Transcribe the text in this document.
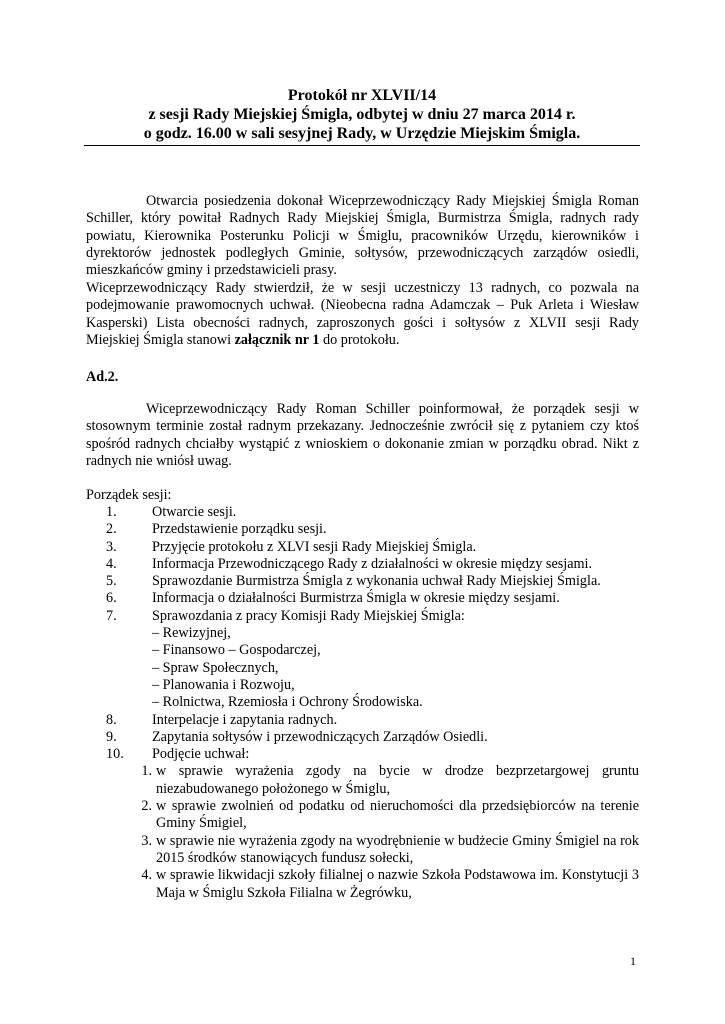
Protokół nr XLVII/14
z sesji Rady Miejskiej Śmigla, odbytej w dniu 27 marca 2014 r.
o godz. 16.00 w sali sesyjnej Rady, w Urzędzie Miejskim Śmigla.

Otwarcia posiedzenia dokonał Wiceprzewodniczący Rady Miejskiej Śmigla Roman Schiller, który powitał Radnych Rady Miejskiej Śmigla, Burmistrza Śmigla, radnych rady powiatu, Kierownika Posterunku Policji w Śmiglu, pracowników Urzędu, kierowników i dyrektorów jednostek podległych Gminie, sołtysów, przewodniczących zarządów osiedli, mieszkańców gminy i przedstawicieli prasy.

Wiceprzewodniczący Rady stwierdził, że w sesji uczestniczy 13 radnych, co pozwala na podejmowanie prawomocnych uchwał. (Nieobecna radna Adamczak – Puk Arleta i Wiesław Kasperski) Lista obecności radnych, zaproszonych gości i sołtysów z XLVII sesji Rady Miejskiej Śmigla stanowi załącznik nr 1 do protokołu.

Ad.2.

Wiceprzewodniczący Rady Roman Schiller poinformował, że porządek sesji w stosownym terminie został radnym przekazany. Jednocześnie zwrócił się z pytaniem czy ktoś spośród radnych chciałby wystąpić z wnioskiem o dokonanie zmian w porządku obrad. Nikt z radnych nie wniósł uwag.

Porządek sesji:

1.	Otwarcie sesji.
2.	Przedstawienie porządku sesji.
3.	Przyjęcie protokołu z XLVI sesji Rady Miejskiej Śmigla.
4.	Informacja Przewodniczącego Rady z działalności w okresie między sesjami.
5.	Sprawozdanie Burmistrza Śmigla z wykonania uchwał Rady Miejskiej Śmigla.
6.	Informacja o działalności Burmistrza Śmigla w okresie między sesjami.
7.	Sprawozdania z pracy Komisji Rady Miejskiej Śmigla:
– Rewizyjnej,
– Finansowo – Gospodarczej,
– Spraw Społecznych,
– Planowania i Rozwoju,
– Rolnictwa, Rzemiosła i Ochrony Środowiska.
8.	Interpelacje i zapytania radnych.
9.	Zapytania sołtysów i przewodniczących Zarządów Osiedli.
10.	Podjęcie uchwał:
1. w sprawie wyrażenia zgody na bycie w drodze bezprzetargowej gruntu niezabudowanego położonego w Śmiglu,
2. w sprawie zwolnień od podatku od nieruchomości dla przedsiębiorców na terenie Gminy Śmigiel,
3. w sprawie nie wyrażenia zgody na wyodrębnienie w budżecie Gminy Śmigiel na rok 2015 środków stanowiących fundusz sołecki,
4. w sprawie likwidacji szkoły filialnej o nazwie Szkoła Podstawowa im. Konstytucji 3 Maja w Śmiglu Szkoła Filialna w Żegrówku,
1
